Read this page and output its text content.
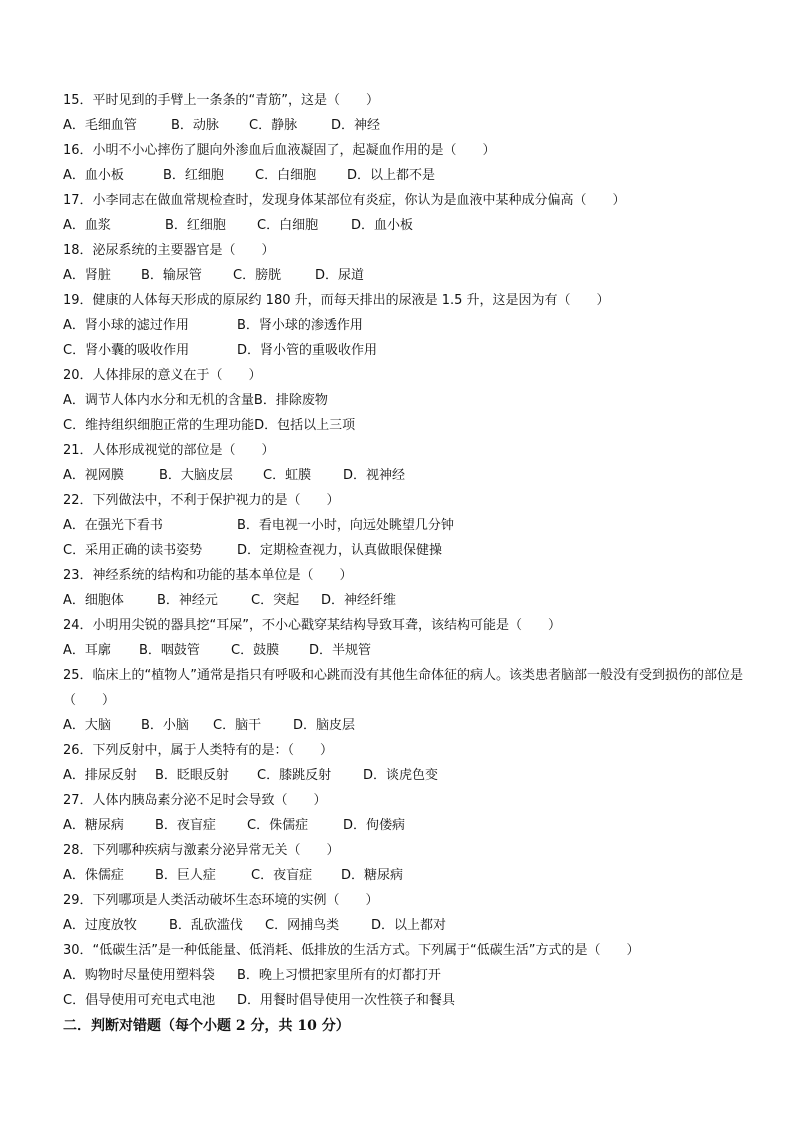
15．平时见到的手臂上一条条的“青筋”，这是（　　）
A．毛细血管	B．动脉	C．静脉	D．神经
16．小明不小心摔伤了腿向外渗血后血液凝固了，起凝血作用的是（　　）
A．血小板	B．红细胞	C．白细胞	D．以上都不是
17．小李同志在做血常规检查时，发现身体某部位有炎症，你认为是血液中某种成分偏高（　　）
A．血浆	B．红细胞	C．白细胞	D．血小板
18．泌尿系统的主要器官是（　　）
A．肾脏	B．输尿管	C．膀胱	D．尿道
19．健康的人体每天形成的原尿约 180 升，而每天排出的尿液是 1.5 升，这是因为有（　　）
A．肾小球的滤过作用	B．肾小球的渗透作用
C．肾小囊的吸收作用	D．肾小管的重吸收作用
20．人体排尿的意义在于（　　）
A．调节人体内水分和无机的含量 B．排除废物
C．维持组织细胞正常的生理功能 D．包括以上三项
21．人体形成视觉的部位是（　　）
A．视网膜	B．大脑皮层	C．虹膜	D．视神经
22．下列做法中，不利于保护视力的是（　　）
A．在强光下看书	B．看电视一小时，向远处眺望几分钟
C．采用正确的读书姿势	D．定期检查视力，认真做眼保健操
23．神经系统的结构和功能的基本单位是（　　）
A．细胞体	B．神经元	C．突起	D．神经纤维
24．小明用尖锐的器具挖“耳屎”，不小心戳穿某结构导致耳聋，该结构可能是（　　）
A．耳廓	B．咽鼓管	C．鼓膜	D．半规管
25．临床上的“植物人”通常是指只有呼吸和心跳而没有其他生命体征的病人。该类患者脑部一般没有受到损伤的部位是（　　）
A．大脑	B．小脑	C．脑干	D．脑皮层
26．下列反射中，属于人类特有的是：（　　）
A．排尿反射	B．眨眼反射	C．膝跳反射	D．谈虎色变
27．人体内胰岛素分泌不足时会导致（　　）
A．糖尿病	B．夜盲症	C．侏儒症	D．佝偻病
28．下列哪种疾病与激素分泌异常无关（　　）
A．侏儒症	B．巨人症	C．夜盲症	D．糖尿病
29．下列哪项是人类活动破坏生态环境的实例（　　）
A．过度放牧	B．乱砍滥伐	C．网捕鸟类	D．以上都对
30．“低碳生活”是一种低能量、低消耗、低排放的生活方式。下列属于“低碳生活”方式的是（　　）
A．购物时尽量使用塑料袋	B．晚上习惯把家里所有的灯都打开
C．倡导使用可充电式电池	D．用餐时倡导使用一次性筷子和餐具
二．判断对错题（每个小题 2 分，共 10 分）
